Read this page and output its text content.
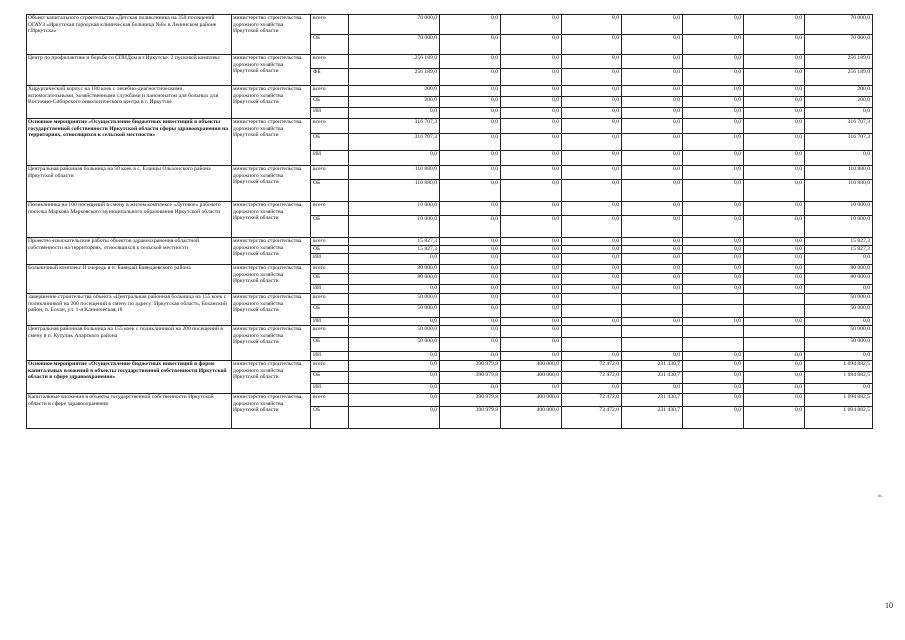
Объект капитального строительства «Детская поликлиника на 350 посещений ОГАУЗ «Иркутская городская клиническая больница №8» в Ленинском районе г.Иркутска»	министерство строительства, дорожного хозяйства Иркутской области	всего	70 000,0	0,0	0,0	0,0	0,0	0,0	0,0	70 000,0
		ОБ	70 000,0	0,0	0,0	0,0	0,0	0,0	0,0	70 000,0
Центр по профилактике и борьбе со СПИДом в г.Иркутске. 2 пусковой комплекс	министерство строительства, дорожного хозяйства Иркутской области	всего	256 189,0	0,0	0,0	0,0	0,0	0,0	0,0	256 189,0
		ФБ	256 189,0	0,0	0,0	0,0	0,0	0,0	0,0	256 189,0
Хирургический корпус на 180 коек с лечебно-диагностическими, вспомогательными, хозяйственными службами и пансионатом для больных для Восточно-Сибирского онкологического центра в г. Иркутске	министерство строительства, дорожного хозяйства Иркутской области	всего	200,0	0,0	0,0	0,0	0,0	0,0	0,0	200,0
		ОБ	200,0	0,0	0,0	0,0	0,0	0,0	0,0	200,0
		ИИ	0,0	0,0	0,0	0,0	0,0	0,0	0,0	0,0
Основное мероприятие «Осуществление бюджетных инвестиций в объекты государственной собственности Иркутской области сферы здравоохранения на территориях, относящихся к сельской местности»	министерство строительства, дорожного хозяйства Иркутской области	всего	316 707,3	0,0	0,0	0,0	0,0	0,0	0,0	316 707,3
		ОБ	316 707,3	0,0	0,0	0,0	0,0	0,0	0,0	316 707,3
		ИИ	0,0	0,0	0,0	0,0	0,0	0,0	0,0	0,0
Центральная районная больница на 50 коек в с. Еланцы Ольхонского района Иркутской области	министерство строительства, дорожного хозяйства Иркутской области	всего	110 880,0	0,0	0,0	0,0	0,0	0,0	0,0	110 880,0
		ОБ	110 880,0	0,0	0,0	0,0	0,0	0,0	0,0	110 880,0
Поликлиника на 100 посещений в смену в жилом комплексе «Луговое» рабочего поселка Маркова Марковского муниципального образования Иркутской области	министерство строительства, дорожного хозяйства Иркутской области	всего	10 000,0	0,0	0,0	0,0	0,0	0,0	0,0	10 000,0
		ОБ	10 000,0	0,0	0,0	0,0	0,0	0,0	0,0	10 000,0
Проектно-изыскательские работы объектов здравоохранения областной собственности на территориях, относящихся к сельской местности	министерство строительства, дорожного хозяйства Иркутской области	всего	15 827,3	0,0	0,0	0,0	0,0	0,0	0,0	15 827,3
		ОБ	15 827,3	0,0	0,0	0,0	0,0	0,0	0,0	15 827,3
		ИИ	0,0	0,0	0,0	0,0	0,0	0,0	0,0	0,0
Больничный комплекс II очередь в п. Баяндай Баяндаевского района	министерство строительства, дорожного хозяйства Иркутской области	всего	80 000,0	0,0	0,0	0,0	0,0	0,0	0,0	80 000,0
		ОБ	80 000,0	0,0	0,0	0,0	0,0	0,0	0,0	80 000,0
		ИИ	0,0	0,0	0,0	0,0	0,0	0,0	0,0	0,0
Завершение строительства объекта «Центральная районная больница на 155 коек с поликлиникой на 200 посещений в смену по адресу: Иркутская область, Боханский район, п. Бохан, ул. 1-я Клиническая,18	министерство строительства, дорожного хозяйства Иркутской области	всего	50 000,0	0,0	0,0					50 000,0
		ОБ	50 000,0	0,0	0,0					50 000,0
		ИИ	0,0	0,0	0,0	0,0	0,0	0,0	0,0	0,0
Центральная районная больница на 155 коек с поликлиникой на 200 посещений в смену в п. Кутулик Аларского района	министерство строительства, дорожного хозяйства Иркутской области	всего	50 000,0	0,0	0,0					50 000,0
		ОБ	50 000,0	0,0	0,0					50 000,0
		ИИ	0,0	0,0	0,0	0,0	0,0	0,0	0,0	0,0
Основное мероприятие «Осуществление бюджетных инвестиций в форме капитальных вложений в объекты государственной собственности Иркутской области в сфере здравоохранения»	министерство строительства, дорожного хозяйства Иркутской области	всего	0,0	390 979,8	400 000,0	72 472,0	231 430,7	0,0	0,0	1 094 882,5
		ОБ	0,0	390 979,8	400 000,0	72 472,0	231 430,7	0,0	0,0	1 094 882,5
		ИИ	0,0	0,0	0,0	0,0	0,0	0,0	0,0	0,0
Капитальные вложения в объекты государственной собственности Иркутской области в сфере здравоохранения	министерство строительства, дорожного хозяйства Иркутской области	всего	0,0	390 979,8	400 000,0	72 472,0	231 430,7	0,0	0,0	1 094 882,5
		ОБ	0,0	390 979,8	400 000,0	72 472,0	231 430,7	0,0	0,0	1 094 882,5
».
10
